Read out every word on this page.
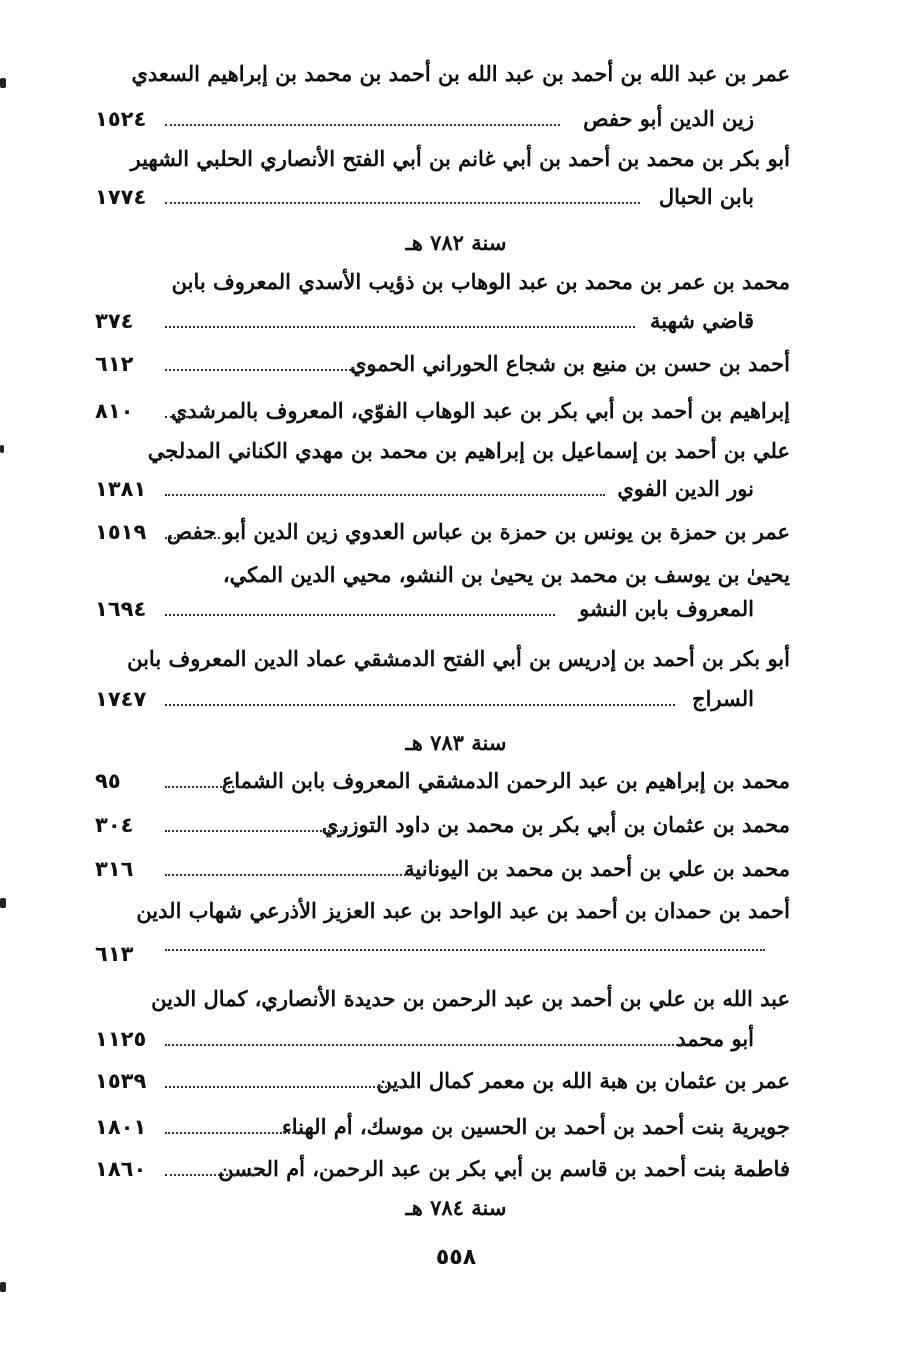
عمر بن عبد الله بن أحمد بن عبد الله بن أحمد بن محمد بن إبراهيم السعدي
زين الدين أبو حفص
١٥٢٤
أبو بكر بن محمد بن أحمد بن أبي غانم بن أبي الفتح الأنصاري الحلبي الشهير
بابن الحبال
١٧٧٤
سنة ٧٨٢ هـ
محمد بن عمر بن محمد بن عبد الوهاب بن ذؤيب الأسدي المعروف بابن
قاضي شهبة
٣٧٤
أحمد بن حسن بن منيع بن شجاع الحوراني الحموي
٦١٢
إبراهيم بن أحمد بن أبي بكر بن عبد الوهاب الفوّي، المعروف بالمرشدي
٨١٠
علي بن أحمد بن إسماعيل بن إبراهيم بن محمد بن مهدي الكناني المدلجي
نور الدين الفوي
١٣٨١
عمر بن حمزة بن يونس بن حمزة بن عباس العدوي زين الدين أبو حفص
١٥١٩
يحيىٰ بن يوسف بن محمد بن يحيىٰ بن النشو، محيي الدين المكي،
المعروف بابن النشو
١٦٩٤
أبو بكر بن أحمد بن إدريس بن أبي الفتح الدمشقي عماد الدين المعروف بابن
السراج
١٧٤٧
سنة ٧٨٣ هـ
محمد بن إبراهيم بن عبد الرحمن الدمشقي المعروف بابن الشماع
٩٥
محمد بن عثمان بن أبي بكر بن محمد بن داود التوزري
٣٠٤
محمد بن علي بن أحمد بن محمد بن اليونانية
٣١٦
أحمد بن حمدان بن أحمد بن عبد الواحد بن عبد العزيز الأذرعي شهاب الدين
٦١٣
عبد الله بن علي بن أحمد بن عبد الرحمن بن حديدة الأنصاري، كمال الدين
أبو محمد
١١٢٥
عمر بن عثمان بن هبة الله بن معمر كمال الدين
١٥٣٩
جويرية بنت أحمد بن أحمد بن الحسين بن موسك، أم الهناء
١٨٠١
فاطمة بنت أحمد بن قاسم بن أبي بكر بن عبد الرحمن، أم الحسن
١٨٦٠
سنة ٧٨٤ هـ
٥٥٨
